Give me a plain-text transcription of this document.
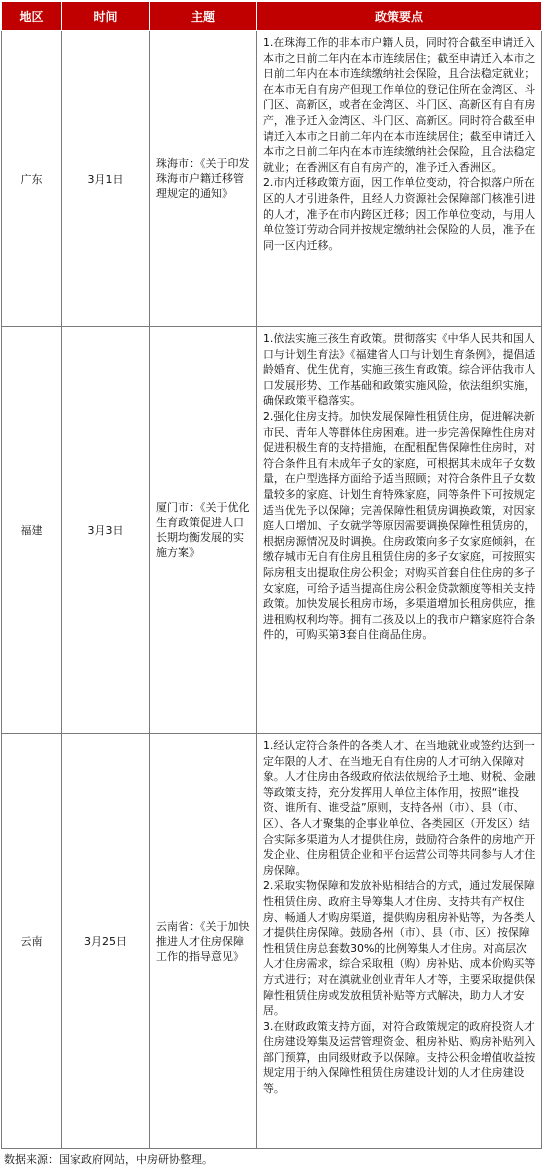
地区	时间	主题	政策要点
广东	3月1日	珠海市：《关于印发珠海市户籍迁移管理规定的通知》	1.在珠海工作的非本市户籍人员，同时符合截至申请迁入本市之日前二年内在本市连续居住；截至申请迁入本市之日前二年内在本市连续缴纳社会保险，且合法稳定就业；在本市无自有房产但现工作单位的登记住所在金湾区、斗门区、高新区，或者在金湾区、斗门区、高新区有自有房产，准予迁入金湾区、斗门区、高新区。同时符合截至申请迁入本市之日前二年内在本市连续居住；截至申请迁入本市之日前二年内在本市连续缴纳社会保险，且合法稳定就业；在香洲区有自有房产的，准予迁入香洲区。
2.市内迁移政策方面，因工作单位变动，符合拟落户所在区的人才引进条件，且经人力资源社会保障部门核准引进的人才，准予在市内跨区迁移；因工作单位变动，与用人单位签订劳动合同并按规定缴纳社会保险的人员，准予在同一区内迁移。

福建	3月3日	厦门市：《关于优化生育政策促进人口长期均衡发展的实施方案》	1.依法实施三孩生育政策。贯彻落实《中华人民共和国人口与计划生育法》《福建省人口与计划生育条例》，提倡适龄婚育、优生优育，实施三孩生育政策。综合评估我市人口发展形势、工作基础和政策实施风险，依法组织实施，确保政策平稳落实。
2.强化住房支持。加快发展保障性租赁住房，促进解决新市民、青年人等群体住房困难。进一步完善保障性住房对促进积极生育的支持措施，在配租配售保障性住房时，对符合条件且有未成年子女的家庭，可根据其未成年子女数量，在户型选择方面给予适当照顾；对符合条件且子女数量较多的家庭、计划生育特殊家庭，同等条件下可按规定适当优先予以保障；完善保障性租赁房调换政策，对因家庭人口增加、子女就学等原因需要调换保障性租赁房的，根据房源情况及时调换。住房政策向多子女家庭倾斜，在缴存城市无自有住房且租赁住房的多子女家庭，可按照实际房租支出提取住房公积金；对购买首套自住住房的多子女家庭，可给予适当提高住房公积金贷款额度等相关支持政策。加快发展长租房市场，多渠道增加长租房供应，推进租购权利均等。拥有二孩及以上的我市户籍家庭符合条件的，可购买第3套自住商品住房。

云南	3月25日	云南省：《关于加快推进人才住房保障工作的指导意见》	1.经认定符合条件的各类人才、在当地就业或签约达到一定年限的人才、在当地无自有住房的人才可纳入保障对象。人才住房由各级政府依法依规给予土地、财税、金融等政策支持，充分发挥用人单位主体作用，按照“谁投资、谁所有、谁受益”原则，支持各州（市）、县（市、区）、各人才聚集的企事业单位、各类园区（开发区）结合实际多渠道为人才提供住房，鼓励符合条件的房地产开发企业、住房租赁企业和平台运营公司等共同参与人才住房保障。
2.采取实物保障和发放补贴相结合的方式，通过发展保障性租赁住房、政府主导筹集人才住房、支持共有产权住房、畅通人才购房渠道，提供购房租房补贴等，为各类人才提供住房保障。鼓励各州（市）、县（市、区）按保障性租赁住房总套数30%的比例筹集人才住房。对高层次人才住房需求，综合采取租（购）房补贴、成本价购买等方式进行；对在滇就业创业青年人才等，主要采取提供保障性租赁住房或发放租赁补贴等方式解决，助力人才安居。
3.在财政政策支持方面，对符合政策规定的政府投资人才住房建设筹集及运营管理资金、租房补贴、购房补贴列入部门预算，由同级财政予以保障。支持公积金增值收益按规定用于纳入保障性租赁住房建设计划的人才住房建设等。
数据来源：国家政府网站，中房研协整理。
